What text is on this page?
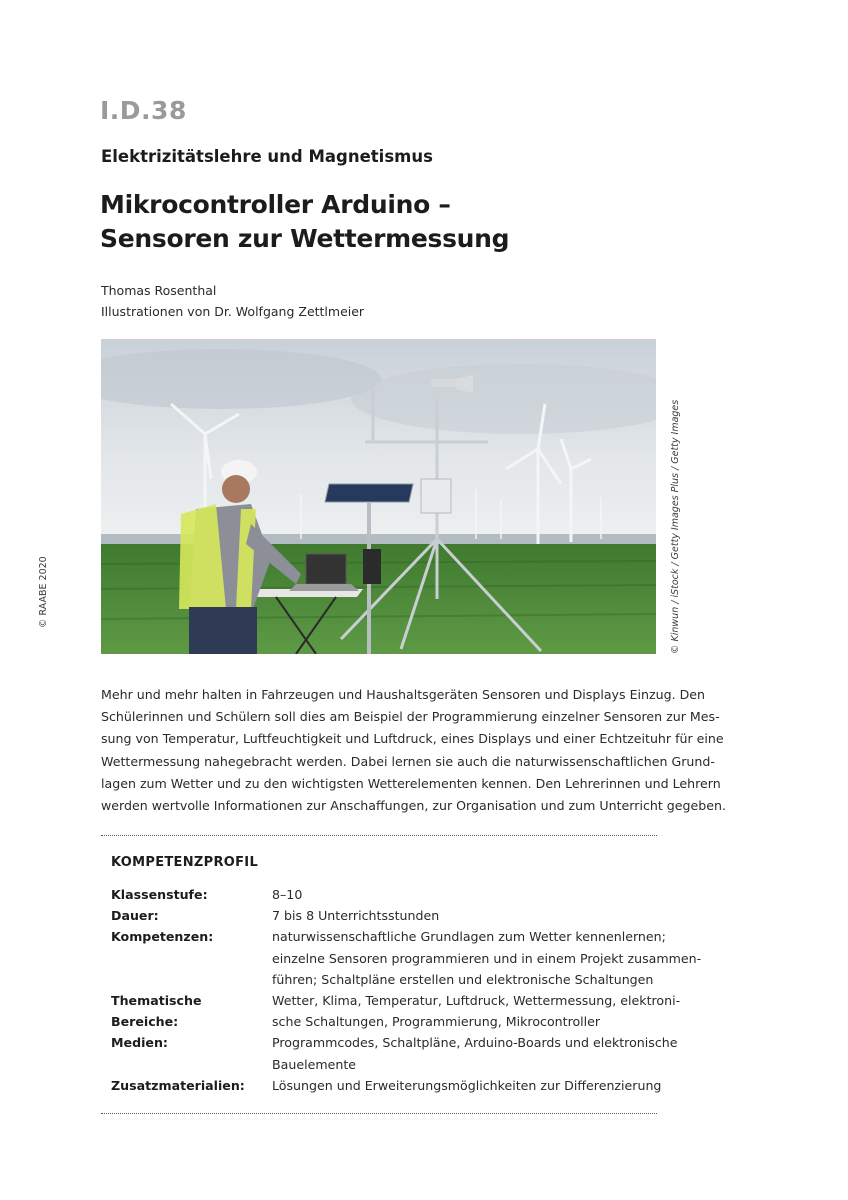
I.D.38
Elektrizitätslehre und Magnetismus
Mikrocontroller Arduino –
Sensoren zur Wettermessung
Thomas Rosenthal
Illustrationen von Dr. Wolfgang Zettlmeier
© Kinwun / iStock / Getty Images Plus / Getty Images
© RAABE 2020
Mehr und mehr halten in Fahrzeugen und Haushaltsgeräten Sensoren und Displays Einzug. Den
Schülerinnen und Schülern soll dies am Beispiel der Programmierung einzelner Sensoren zur Mes-
sung von Temperatur, Luftfeuchtigkeit und Luftdruck, eines Displays und einer Echtzeituhr für eine
Wettermessung nahegebracht werden. Dabei lernen sie auch die naturwissenschaftlichen Grund-
lagen zum Wetter und zu den wichtigsten Wetterelementen kennen. Den Lehrerinnen und Lehrern
werden wertvolle Informationen zur Anschaffungen, zur Organisation und zum Unterricht gegeben.
KOMPETENZPROFIL
Klassenstufe:	8–10
Dauer:	7 bis 8 Unterrichtsstunden
Kompetenzen:	naturwissenschaftliche Grundlagen zum Wetter kennenlernen;
einzelne Sensoren programmieren und in einem Projekt zusammen-
führen; Schaltpläne erstellen und elektronische Schaltungen
Thematische Bereiche:
Wetter, Klima, Temperatur, Luftdruck, Wettermessung, elektroni-
sche Schaltungen, Programmierung, Mikrocontroller
Medien:	Programmcodes, Schaltpläne, Arduino-Boards und elektronische
Bauelemente
Zusatzmaterialien:	Lösungen und Erweiterungsmöglichkeiten zur Differenzierung
